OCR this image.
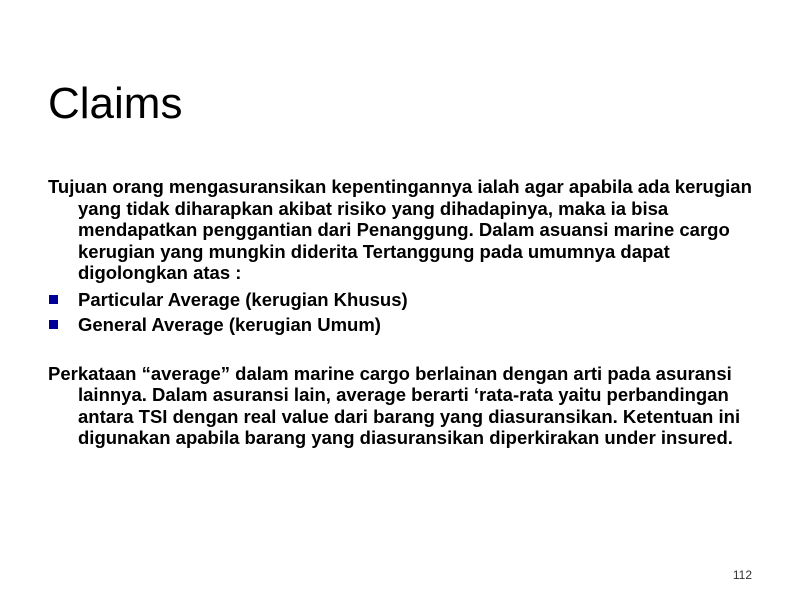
Claims

Tujuan orang mengasuransikan kepentingannya ialah agar apabila ada kerugian yang tidak diharapkan akibat risiko yang dihadapinya, maka ia bisa mendapatkan penggantian dari Penanggung. Dalam asuansi marine cargo kerugian yang mungkin diderita Tertanggung pada umumnya dapat digolongkan atas :

Particular Average (kerugian Khusus)
General Average (kerugian Umum)

Perkataan “average” dalam marine cargo berlainan dengan arti pada asuransi lainnya. Dalam asuransi lain, average berarti ‘rata-rata yaitu perbandingan antara TSI dengan real value dari barang yang diasuransikan. Ketentuan ini digunakan apabila barang yang diasuransikan diperkirakan under insured.

112
